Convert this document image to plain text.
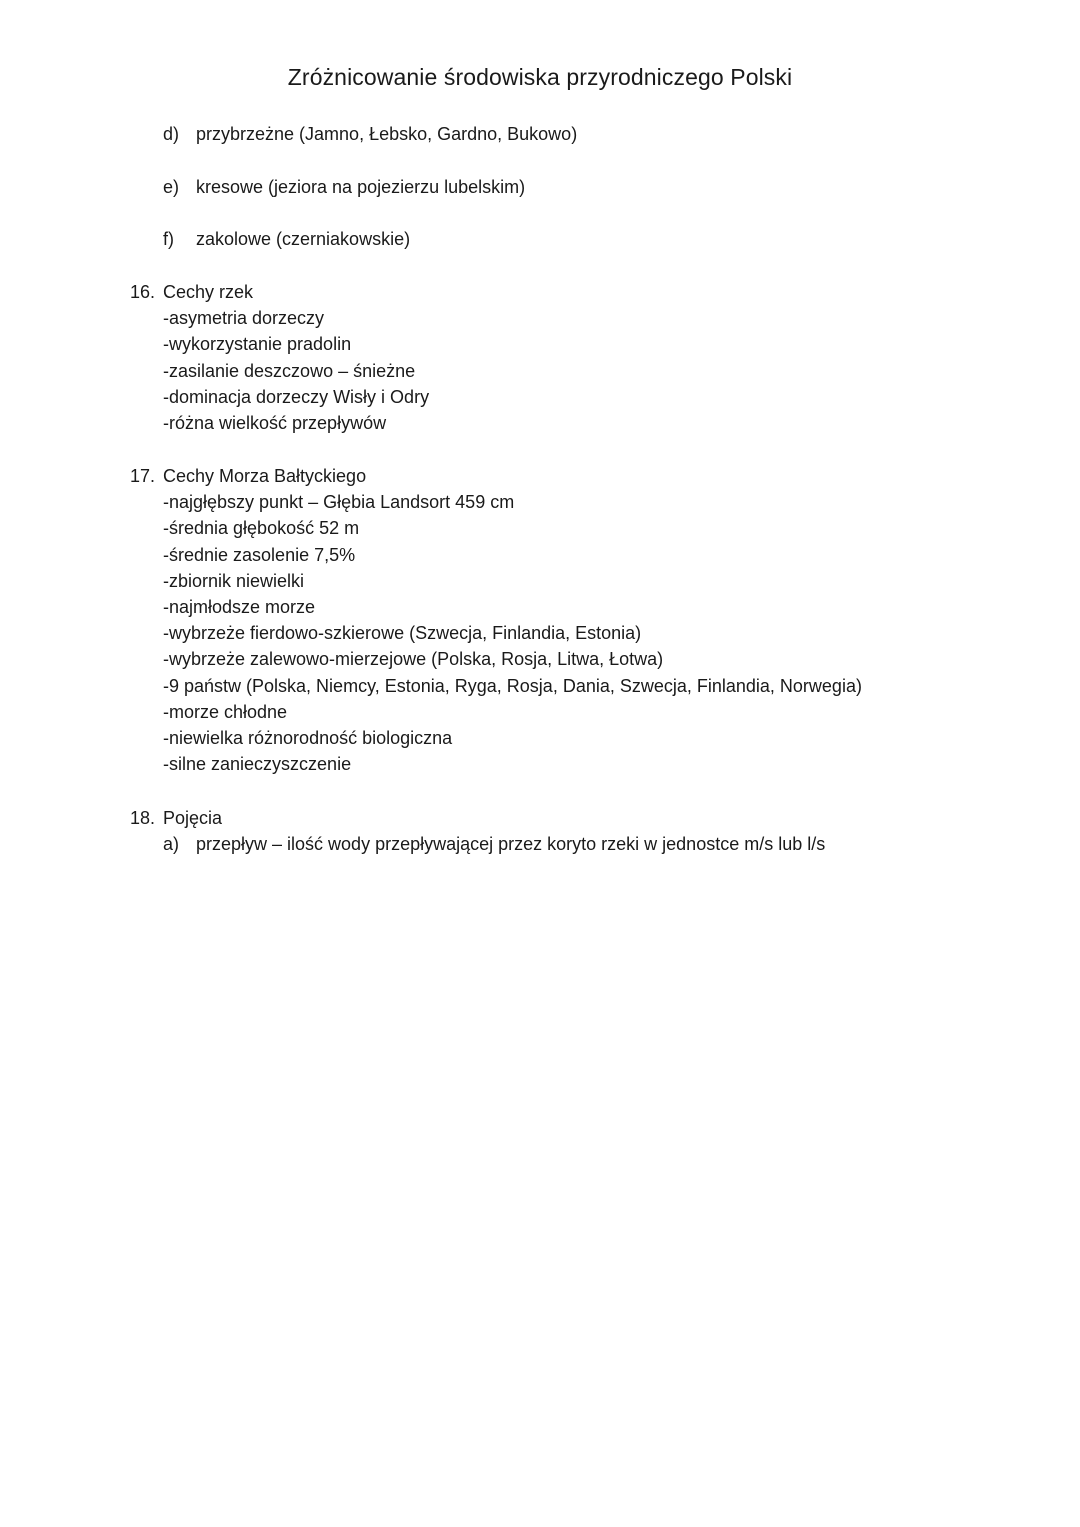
Zróżnicowanie środowiska przyrodniczego Polski
d) przybrzeżne (Jamno, Łebsko, Gardno, Bukowo)
e) kresowe (jeziora na pojezierzu lubelskim)
f) zakolowe (czerniakowskie)
16. Cechy rzek
-asymetria dorzeczy
-wykorzystanie pradolin
-zasilanie deszczowo – śnieżne
-dominacja dorzeczy Wisły i Odry
-różna wielkość przepływów
17. Cechy Morza Bałtyckiego
-najgłębszy punkt – Głębia Landsort 459 cm
-średnia głębokość 52 m
-średnie zasolenie 7,5%
-zbiornik niewielki
-najmłodsze morze
-wybrzeże fierdowo-szkierowe (Szwecja, Finlandia, Estonia)
-wybrzeże zalewowo-mierzejowe (Polska, Rosja, Litwa, Łotwa)
-9 państw (Polska, Niemcy, Estonia, Ryga, Rosja, Dania, Szwecja, Finlandia, Norwegia)
-morze chłodne
-niewielka różnorodność biologiczna
-silne zanieczyszczenie
18. Pojęcia
a) przepływ – ilość wody przepływającej przez koryto rzeki w jednostce m/s lub l/s
